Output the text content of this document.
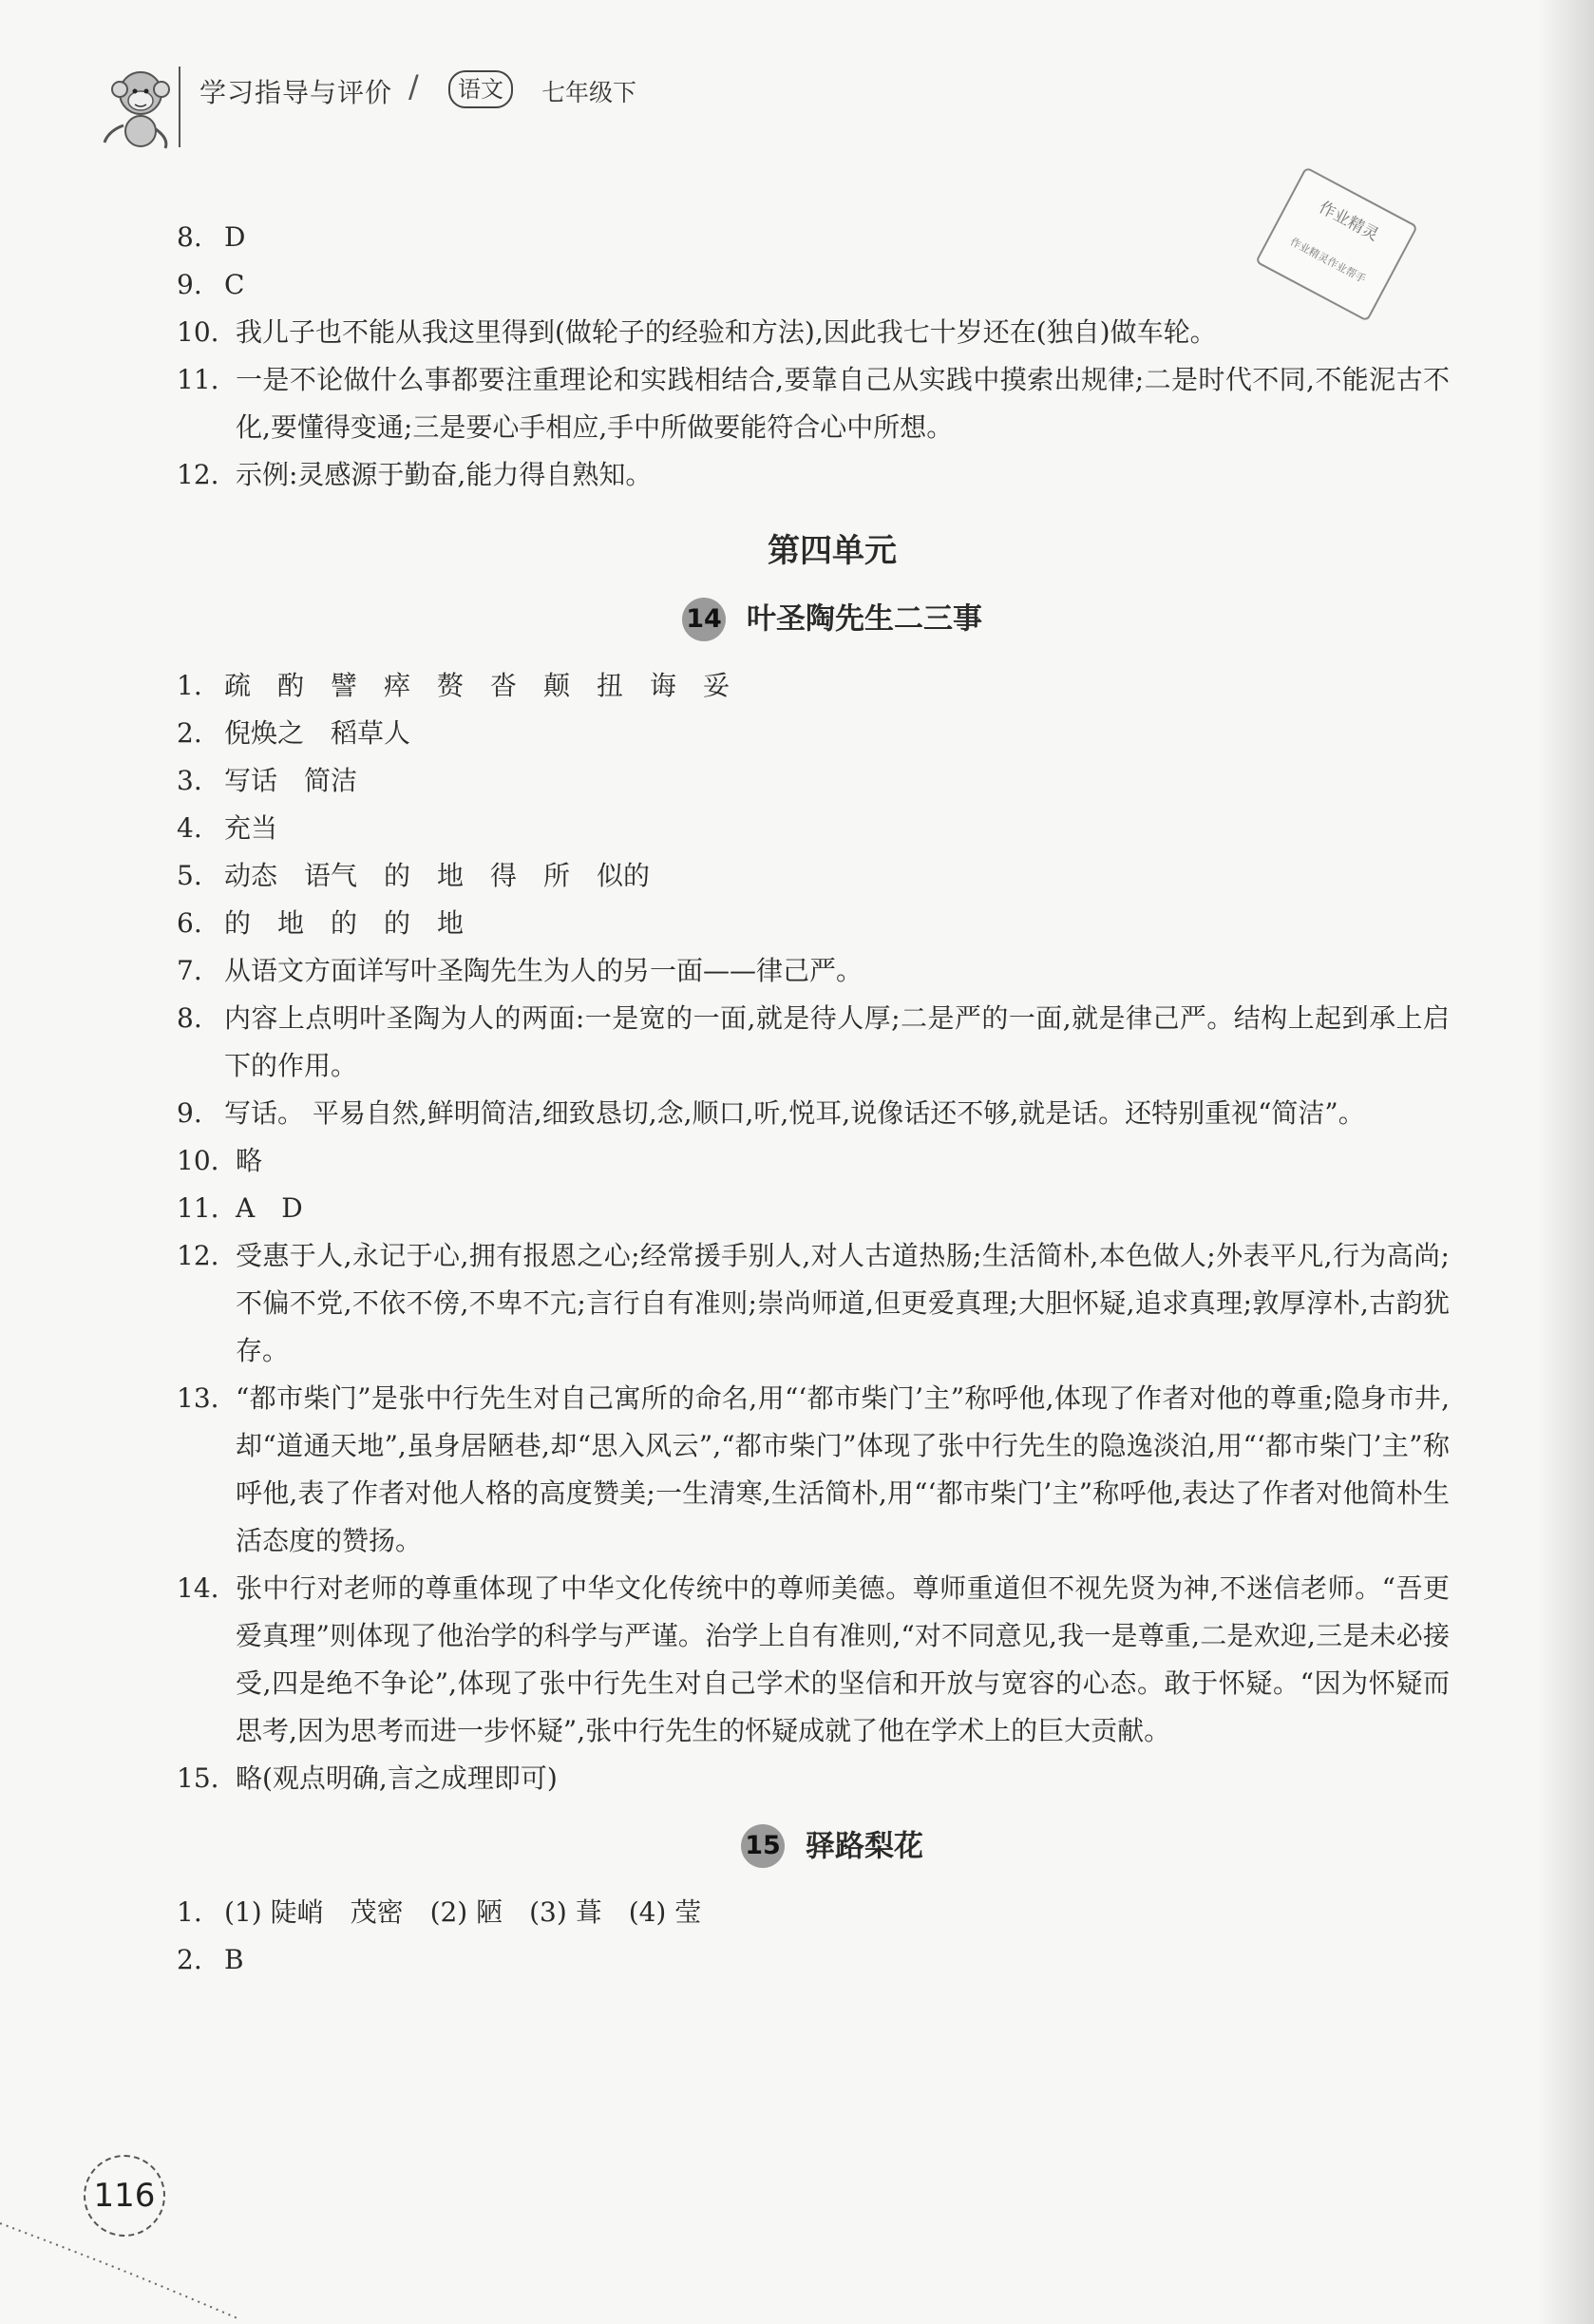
学习指导与评价 /	语文	七年级下
作业精灵
作业精灵作业帮手
8. D
9. C
10. 我儿子也不能从我这里得到(做轮子的经验和方法),因此我七十岁还在(独自)做车轮。
11. 一是不论做什么事都要注重理论和实践相结合,要靠自己从实践中摸索出规律;二是时代不同,不能泥古不化,要懂得变通;三是要心手相应,手中所做要能符合心中所想。
12. 示例:灵感源于勤奋,能力得自熟知。
第四单元
14 叶圣陶先生二三事
1. 疏　酌　譬　瘁　赘　沓　颠　扭　诲　妥
2. 倪焕之　稻草人
3. 写话　简洁
4. 充当
5. 动态　语气　的　地　得　所　似的
6. 的　地　的　的　地
7. 从语文方面详写叶圣陶先生为人的另一面——律己严。
8. 内容上点明叶圣陶为人的两面:一是宽的一面,就是待人厚;二是严的一面,就是律己严。结构上起到承上启下的作用。
9. 写话。 平易自然,鲜明简洁,细致恳切,念,顺口,听,悦耳,说像话还不够,就是话。还特别重视“简洁”。
10. 略
11. A　D
12. 受惠于人,永记于心,拥有报恩之心;经常援手别人,对人古道热肠;生活简朴,本色做人;外表平凡,行为高尚;不偏不党,不依不傍,不卑不亢;言行自有准则;崇尚师道,但更爱真理;大胆怀疑,追求真理;敦厚淳朴,古韵犹存。
13. “都市柴门”是张中行先生对自己寓所的命名,用“‘都市柴门’主”称呼他,体现了作者对他的尊重;隐身市井,却“道通天地”,虽身居陋巷,却“思入风云”,“都市柴门”体现了张中行先生的隐逸淡泊,用“‘都市柴门’主”称呼他,表了作者对他人格的高度赞美;一生清寒,生活简朴,用“‘都市柴门’主”称呼他,表达了作者对他简朴生活态度的赞扬。
14. 张中行对老师的尊重体现了中华文化传统中的尊师美德。尊师重道但不视先贤为神,不迷信老师。“吾更爱真理”则体现了他治学的科学与严谨。治学上自有准则,“对不同意见,我一是尊重,二是欢迎,三是未必接受,四是绝不争论”,体现了张中行先生对自己学术的坚信和开放与宽容的心态。敢于怀疑。“因为怀疑而思考,因为思考而进一步怀疑”,张中行先生的怀疑成就了他在学术上的巨大贡献。
15. 略(观点明确,言之成理即可)
15 驿路梨花
1. (1) 陡峭　茂密　(2) 陋　(3) 葺　(4) 莹
2. B
116
